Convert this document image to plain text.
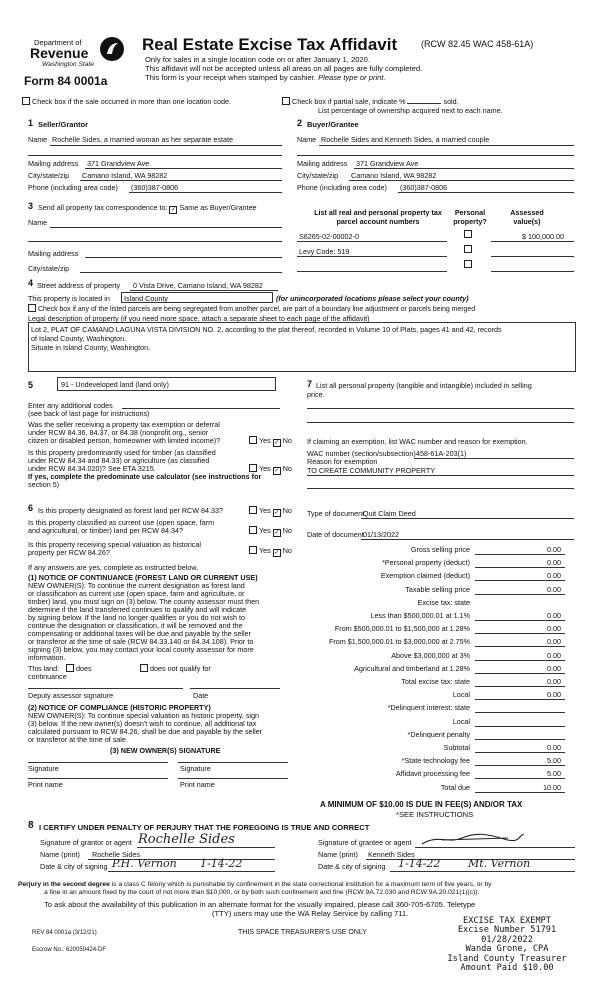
Department of
Revenue
Washington State
Form 84 0001a
Real Estate Excise Tax Affidavit	(RCW 82.45 WAC 458-61A)
Only for sales in a single location code on or after January 1, 2020.
This affidavit will not be accepted unless all areas on all pages are fully completed.
This form is your receipt when stamped by cashier. Please type or print.
Check box if the sale occurred in more than one location code.	Check box if partial sale, indicate %	sold.
List percentage of ownership acquired next to each name.
1 Seller/Grantor
Name Rochelle Sides, a married woman as her separate estate
Mailing address 371 Grandview Ave
City/state/zip Camano Island, WA 98282
Phone (including area code) (360)387-0806
2 Buyer/Grantee
Name Rochelle Sides and Kenneth Sides, a married couple
Mailing address 371 Grandview Ave
City/state/zip Camano Island, WA 98282
Phone (including area code) (360)387-0806
3 Send all property tax correspondence to: ✓ Same as Buyer/Grantee
Name
Mailing address
City/state/zip
List all real and personal property tax parcel account numbers
Personal property?
Assessed value(s)
S6265-02-00002-0	$ 100,000.00
Levy Code: 519
4 Street address of property 0 Vista Drive, Camano Island, WA 98282
This property is located in Island County	(for unincorporated locations please select your county)
Check box if any of the listed parcels are being segregated from another parcel, are part of a boundary line adjustment or parcels being merged
Legal description of property (if you need more space, attach a separate sheet to each page of the affidavit)
Lot 2, PLAT OF CAMANO LAGUNA VISTA DIVISION NO. 2, according to the plat thereof, recorded in Volume 10 of Plats, pages 41 and 42, records
of Island County, Washington.
Situate in Island County, Washington.
5	91 - Undeveloped land (land only)
Enter any additional codes
(see back of last page for instructions)
Was the seller receiving a property tax exemption or deferral
under RCW 84.36, 84.37, or 84.38 (nonprofit org., senior
citizen or disabled person, homeowner with limited income)?	Yes ✓ No
Is this property predominantly used for timber (as classified
under RCW 84.34 and 84.33) or agriculture (as classified
under RCW 84.34.020)? See ETA 3215.	Yes ✓ No
If yes, complete the predominate use calculator (see instructions for
section 5)
6 Is this property designated as forest land per RCW 84.33?	Yes ✓ No
Is this property classified as current use (open space, farm
and agricultural, or timber) land per RCW 84.34?	Yes ✓ No
Is this property receiving special valuation as historical
property per RCW 84.26?	Yes ✓ No
If any answers are yes, complete as instructed below.
(1) NOTICE OF CONTINUANCE (FOREST LAND OR CURRENT USE)
NEW OWNER(S): To continue the current designation as forest land
or classification as current use (open space, farm and agriculture, or
timber) land, you must sign on (3) below. The county assessor must then
determine if the land transferred continues to qualify and will indicate
by signing below. If the land no longer qualifies or you do not wish to
continue the designation or classification, it will be removed and the
compensating or additional taxes will be due and payable by the seller
or transferor at the time of sale (RCW 84.33.140 or 84.34.108). Prior to
signing (3) below, you may contact your local county assessor for more
information.
This land:	does	does not qualify for
continuance
Deputy assessor signature	Date
(2) NOTICE OF COMPLIANCE (HISTORIC PROPERTY)
NEW OWNER(S): To continue special valuation as historic property, sign
(3) below. If the new owner(s) doesn't wish to continue, all additional tax
calculated pursuant to RCW 84.26, shall be due and payable by the seller
or transferor at the time of sale.
(3) NEW OWNER(S) SIGNATURE
Signature	Signature
Print name	Print name
7 List all personal property (tangible and intangible) included in selling
price.
If claiming an exemption, list WAC number and reason for exemption.
WAC number (section/subsection) 458-61A-203(1)
Reason for exemption
TO CREATE COMMUNITY PROPERTY
Type of document
Quit Claim Deed
Date of document 01/13/2022
Gross selling price	0.00
*Personal property (deduct)	0.00
Exemption claimed (deduct)	0.00
Taxable selling price	0.00
Excise tax: state
Less than $500,000.01 at 1.1%	0.00
From $500,000.01 to $1,500,000 at 1.28%	0.00
From $1,500,000.01 to $3,000,000 at 2.75%	0.00
Above $3,000,000 at 3%	0.00
Agricultural and timberland at 1.28%	0.00
Total excise tax: state	0.00
Local	0.00
*Delinquent interest: state
Local
*Delinquent penalty
Subtotal	0.00
*State technology fee	5.00
Affidavit processing fee	5.00
Total due	10.00
A MINIMUM OF $10.00 IS DUE IN FEE(S) AND/OR TAX
*SEE INSTRUCTIONS
8 I CERTIFY UNDER PENALTY OF PERJURY THAT THE FOREGOING IS TRUE AND CORRECT
Signature of grantor or agent Rochelle Sides
Name (print) Rochelle Sides
Date & city of signing P.H. Vernon 1-14-22
Signature of grantee or agent
Name (print) Kenneth Sides
Date & city of signing 1-14-22	Mt. Vernon
Perjury in the second degree is a class C felony which is punishable by confinement in the state correctional institution for a maximum term of five years, or by
a fine in an amount fixed by the court of not more than $10,000, or by both such confinement and fine (RCW 9A.72.030 and RCW 9A.20.021(1)(c)).
To ask about the availability of this publication in an alternate format for the visually impaired, please call 360-705-6705. Teletype
(TTY) users may use the WA Relay Service by calling 711.
REV 84 0001a (3/12/21)	THIS SPACE TREASURER'S USE ONLY
Escrow No.: 620050424-DF
EXCISE TAX EXEMPT
Excise Number 51791
01/28/2022
Wanda Grone, CPA
Island County Treasurer
Amount Paid $10.00
